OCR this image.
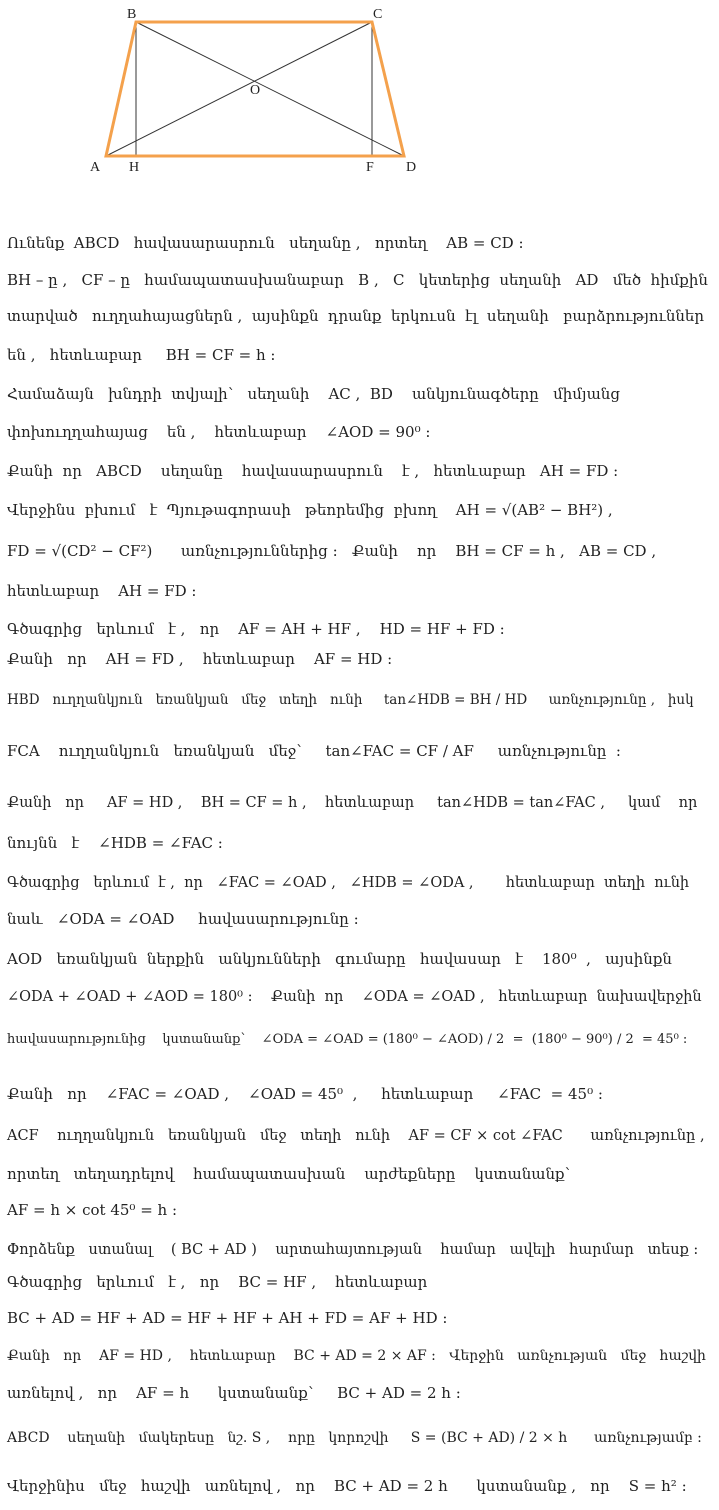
B	C
O
A H	F D
Ունենք  ABCD   հավասարասրուն   սեղանը ,   որտեղ    AB = CD :
BH – ը ,   CF – ը   համապատասխանաբար   B ,   C   կետերից  սեղանի   AD   մեծ  հիմքին
տարված   ուղղահայացներն ,  այսինքն  դրանք  երկուսն  էլ  սեղանի   բարձրություններ
են ,   հետևաբար     BH = CF = h :
Համաձայն   խնդրի  տվյալի՝   սեղանի    AC ,  BD    անկյունագծերը   միմյանց
փոխուղղահայաց    են ,    հետևաբար    ∠AOD = 90⁰ :
Քանի  որ   ABCD    սեղանը    հավասարասրուն    է ,   հետևաբար   AH = FD :
Վերջինս  բխում   է  Պյութագորասի   թեորեմից  բխող    AH = √(AB² − BH²) ,
FD = √(CD² − CF²)      առնչություններից :   Քանի    որ    BH = CF = h ,   AB = CD ,
հետևաբար    AH = FD :
Գծագրից   երևում   է ,   որ    AF = AH + HF ,    HD = HF + FD :
Քանի   որ    AH = FD ,    հետևաբար    AF = HD :
HBD   ուղղանկյուն   եռանկյան   մեջ   տեղի   ունի     tan∠HDB = BH / HD     առնչությունը ,   իսկ
FCA    ուղղանկյուն   եռանկյան   մեջ՝     tan∠FAC = CF / AF     առնչությունը  :
Քանի   որ     AF = HD ,    BH = CF = h ,    հետևաբար     tan∠HDB = tan∠FAC ,     կամ    որ
նույնն   է    ∠HDB = ∠FAC :
Գծագրից   երևում  է ,  որ   ∠FAC = ∠OAD ,   ∠HDB = ∠ODA ,       հետևաբար  տեղի  ունի
նաև   ∠ODA = ∠OAD     հավասարությունը :
AOD   եռանկյան  ներքին   անկյունների   գումարը   հավասար   է    180⁰  ,   այսինքն
∠ODA + ∠OAD + ∠AOD = 180⁰ :    Քանի  որ    ∠ODA = ∠OAD ,   հետևաբար  նախավերջին
հավասարությունից    կստանանք՝    ∠ODA = ∠OAD = (180⁰ − ∠AOD) / 2  =  (180⁰ − 90⁰) / 2  = 45⁰ :
Քանի   որ    ∠FAC = ∠OAD ,    ∠OAD = 45⁰  ,     հետևաբար     ∠FAC  = 45⁰ :
ACF    ուղղանկյուն   եռանկյան   մեջ   տեղի   ունի    AF = CF × cot ∠FAC      առնչությունը ,
որտեղ   տեղադրելով    համապատասխան    արժեքները    կստանանք՝
AF = h × cot 45⁰ = h :
Փորձենք   ստանալ    ( BC + AD )    արտահայտության    համար   ավելի   հարմար   տեսք :
Գծագրից   երևում   է ,   որ    BC = HF ,    հետևաբար
BC + AD = HF + AD = HF + HF + AH + FD = AF + HD :
Քանի   որ    AF = HD ,    հետևաբար    BC + AD = 2 × AF :   Վերջին   առնչության   մեջ   հաշվի
առնելով ,   որ    AF = h      կստանանք՝     BC + AD = 2 h :
ABCD    սեղանի   մակերեսը   նշ. S ,    որը   կորոշվի     S = (BC + AD) / 2 × h      առնչությամբ :
Վերջինիս   մեջ   հաշվի   առնելով ,   որ    BC + AD = 2 h      կստանանք ,   որ    S = h² :
